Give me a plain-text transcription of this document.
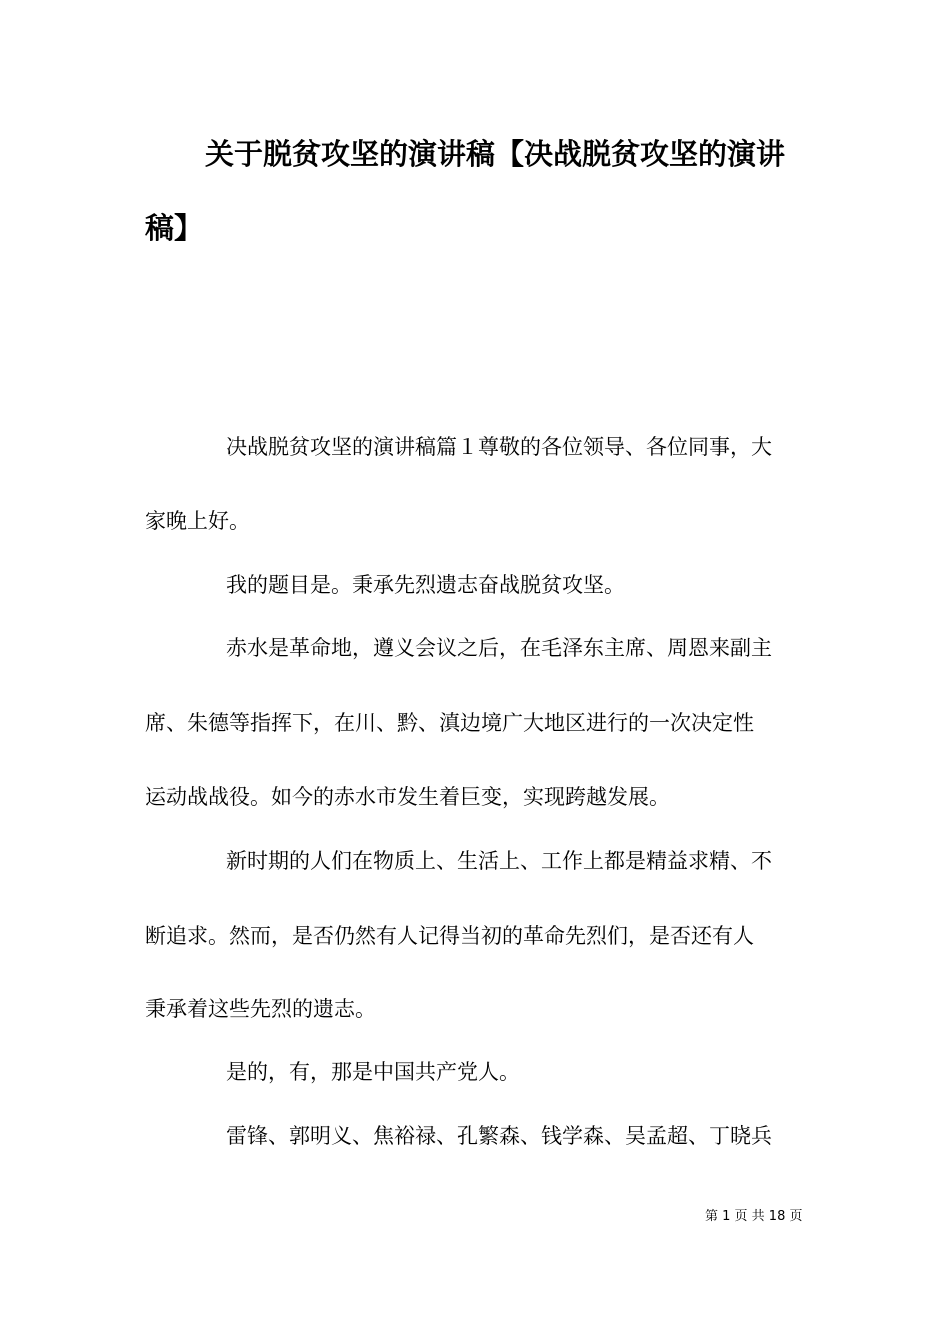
关于脱贫攻坚的演讲稿【决战脱贫攻坚的演讲
稿】
决战脱贫攻坚的演讲稿篇１尊敬的各位领导、各位同事，大
家晚上好。
我的题目是。秉承先烈遗志奋战脱贫攻坚。
赤水是革命地，遵义会议之后，在毛泽东主席、周恩来副主
席、朱德等指挥下，在川、黔、滇边境广大地区进行的一次决定性
运动战战役。如今的赤水市发生着巨变，实现跨越发展。
新时期的人们在物质上、生活上、工作上都是精益求精、不
断追求。然而，是否仍然有人记得当初的革命先烈们，是否还有人
秉承着这些先烈的遗志。
是的，有，那是中国共产党人。
雷锋、郭明义、焦裕禄、孔繁森、钱学森、吴孟超、丁晓兵
第 1 页 共 18 页
